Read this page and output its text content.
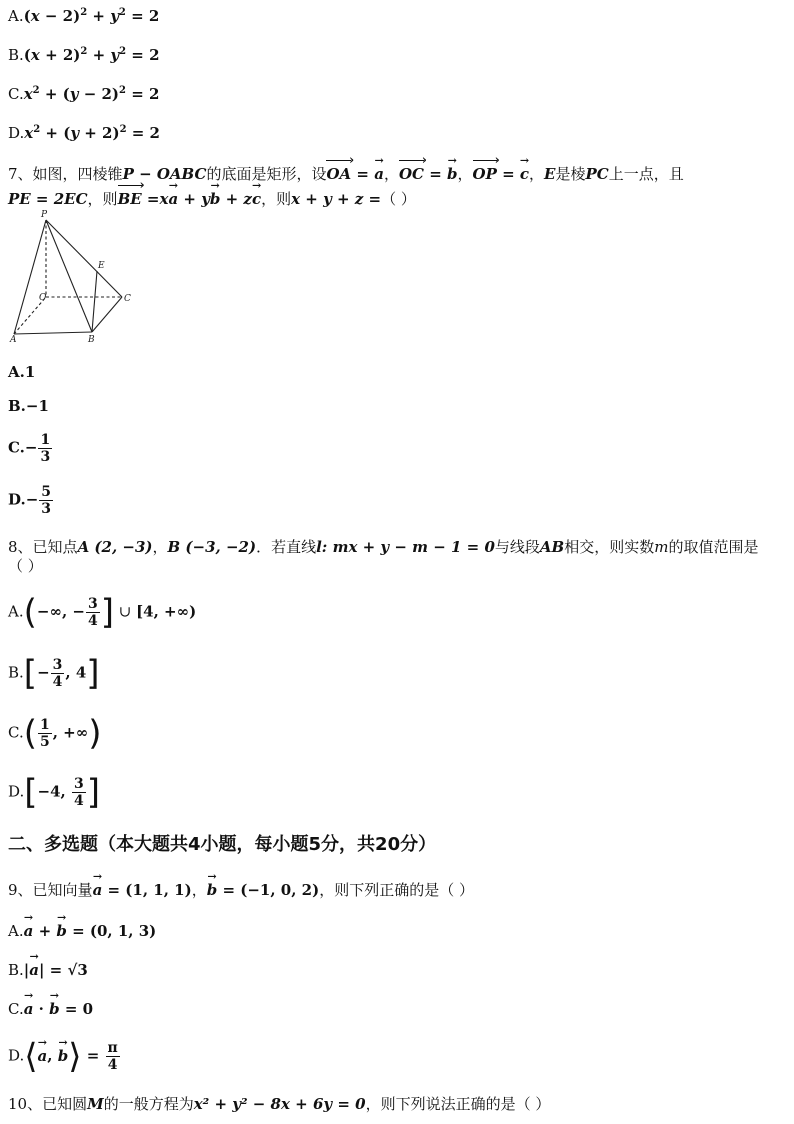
$A.(x - 2)^2 + y^2 = 2$
$B.(x + 2)^2 + y^2 = 2$
$C.x^2 + (y - 2)^2 = 2$
$D.x^2 + (y + 2)^2 = 2$
7、如图，四棱锥P − OABC的底面是矩形，设OA › = → a，OC › = → b，OP › = → c，E是棱PC上一点，且
PE = 2EC，则BE › =x→ a + y→ b + z→ c，则x + y + z =（ ）
P
E
O	C
A	B
A.1
B.−1
$C.- \frac{1}{3}$
$D.- \frac{5}{3}$
8、已知点A (2, −3)，B (−3, −2)．若直线l: mx + y − m − 1 = 0与线段AB相交，则实数m的取值范围是
（ ）
A.(−∞, − $\frac{3}{4}$ ] ∪ [4, +∞)
$B.[- \frac{3}{4}$ , 4]
$C.( \frac{1}{5}$ , +∞)
D.[−4, $\frac{3}{4}$ ]
二、多选题（本大题共4小题，每小题5分，共20分）
9、已知向量→ a = (1, 1, 1)，→ b = (−1, 0, 2)，则下列正确的是（ ）
A.→ a + → b = (0, 1, 3)
B.|→ a| = √3
C.→ a · → b = 0
D.⟨→ a, → b⟩ = $\frac{\pi}{4}$
10、已知圆M的一般方程为x² + y² − 8x + 6y = 0，则下列说法正确的是（ ）
